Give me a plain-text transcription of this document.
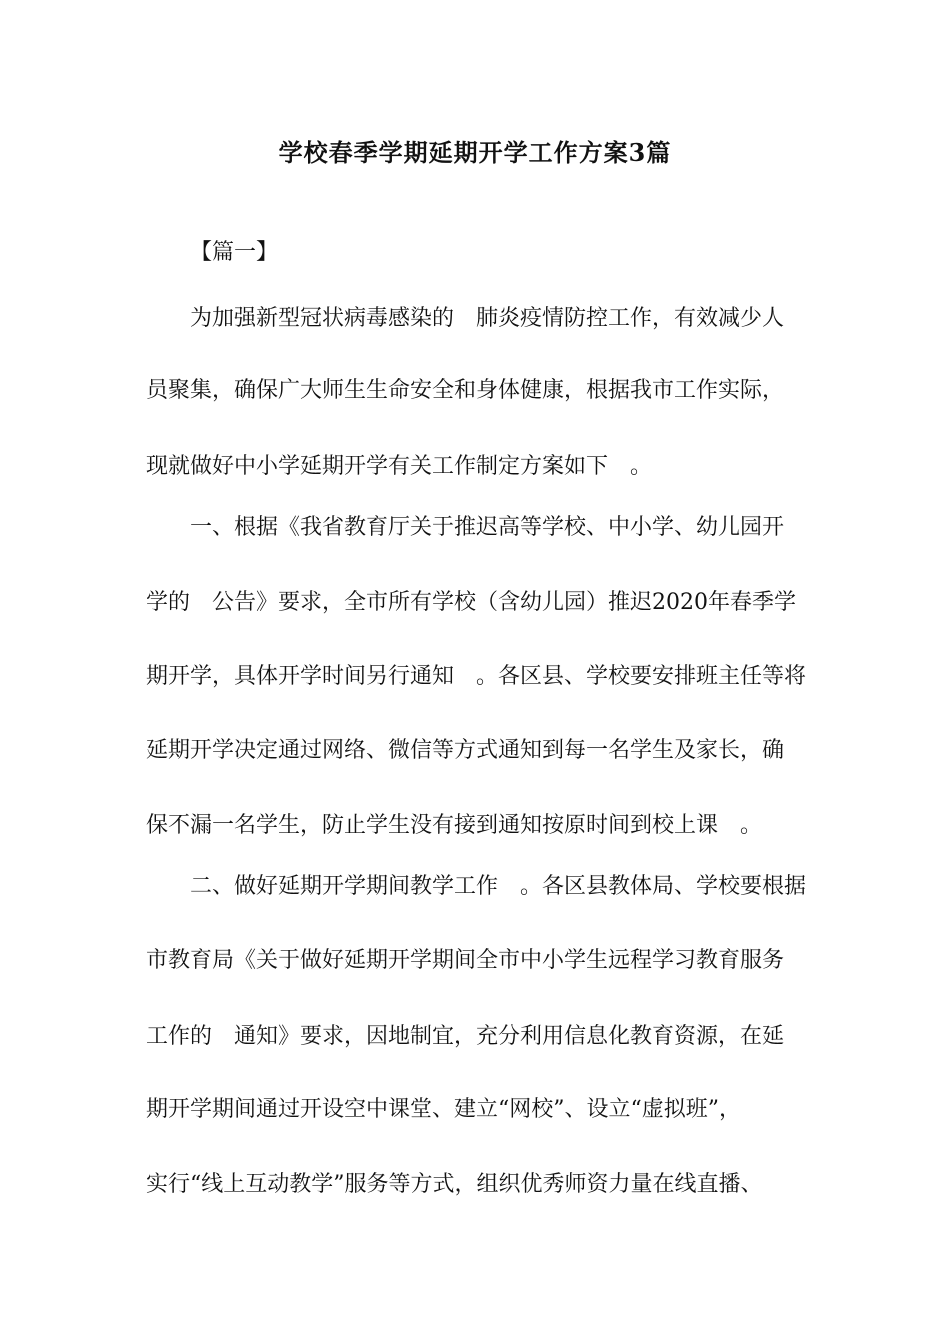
学校春季学期延期开学工作方案3篇
【篇一】
为加强新型冠状病毒感染的　肺炎疫情防控工作，有效减少人
员聚集，确保广大师生生命安全和身体健康，根据我市工作实际，
现就做好中小学延期开学有关工作制定方案如下　。
一、根据《我省教育厅关于推迟高等学校、中小学、幼儿园开
学的　公告》要求，全市所有学校（含幼儿园）推迟2020年春季学
期开学，具体开学时间另行通知　。各区县、学校要安排班主任等将
延期开学决定通过网络、微信等方式通知到每一名学生及家长，确
保不漏一名学生，防止学生没有接到通知按原时间到校上课　。
二、做好延期开学期间教学工作　。各区县教体局、学校要根据
市教育局《关于做好延期开学期间全市中小学生远程学习教育服务
工作的　通知》要求，因地制宜，充分利用信息化教育资源，在延
期开学期间通过开设空中课堂、建立“网校”、设立“虚拟班”，
实行“线上互动教学”服务等方式，组织优秀师资力量在线直播、
